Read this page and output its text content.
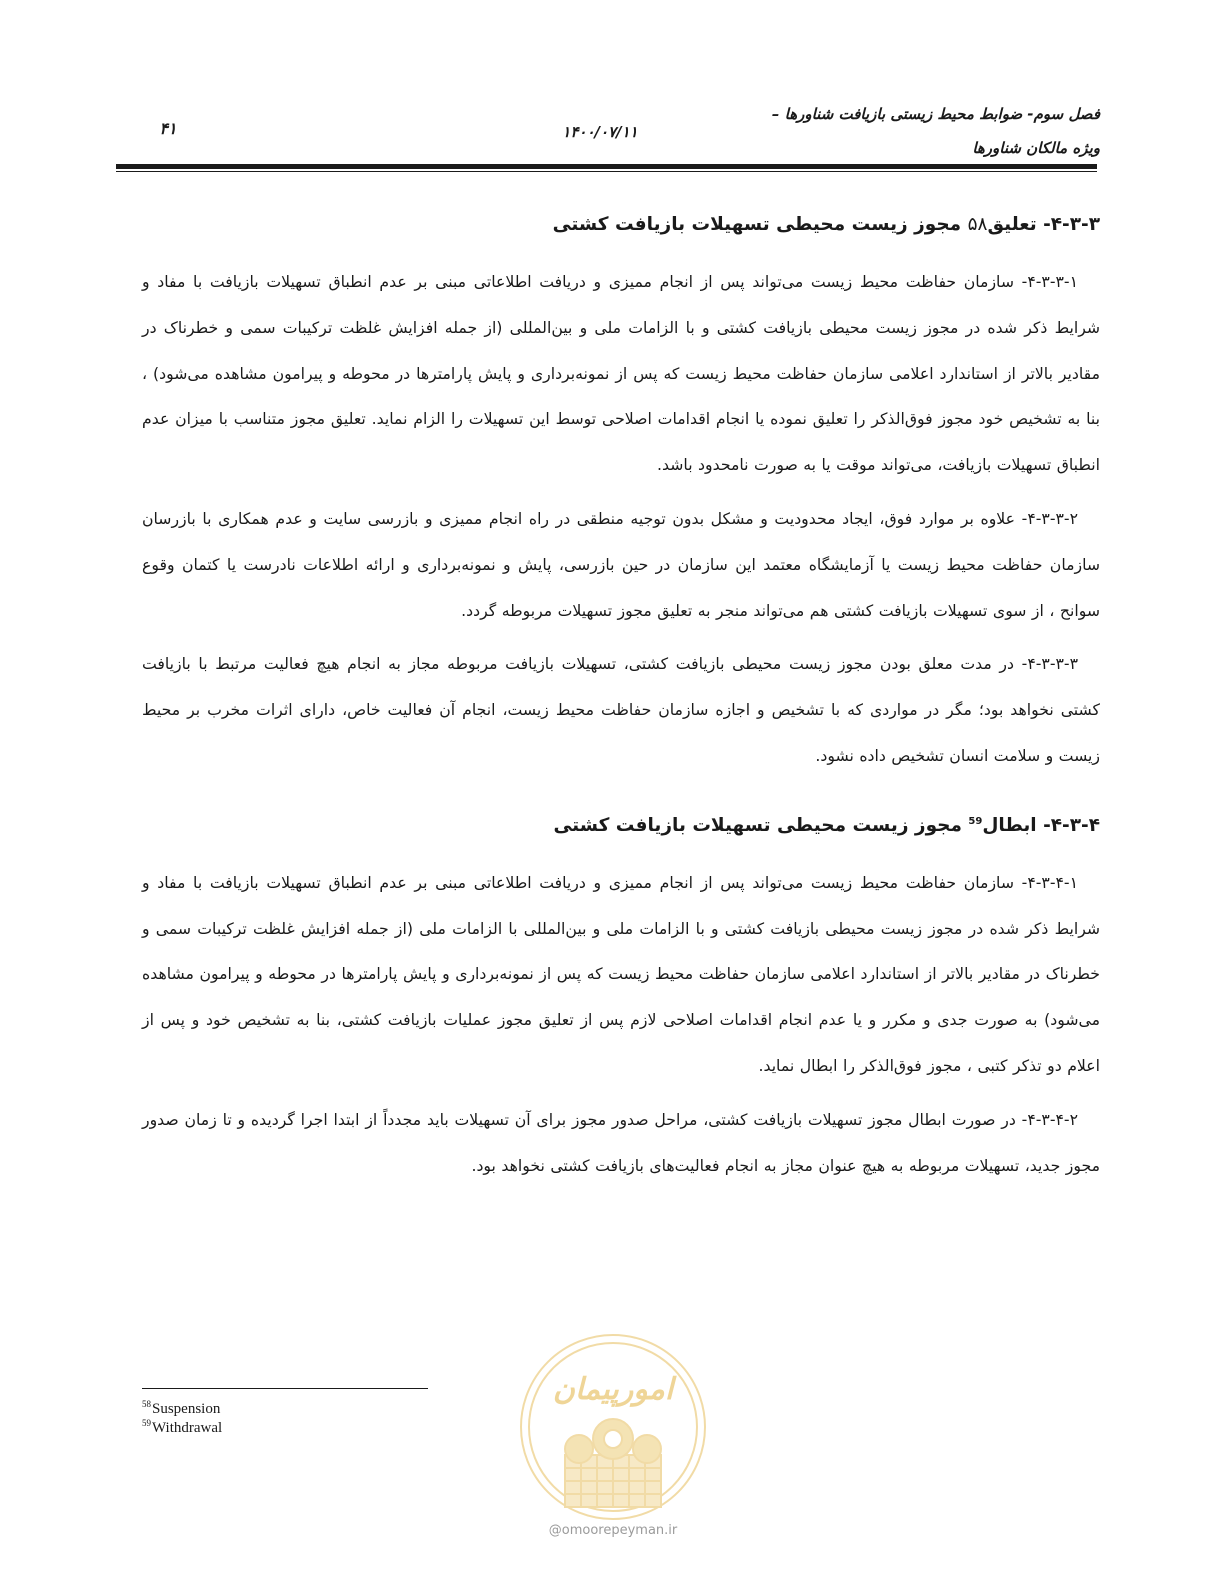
فصل سوم- ضوابط محیط زیستی بازیافت شناورها –
ویژه مالکان شناورها
۱۴۰۰/۰۷/۱۱
۴۱
۴-۳-۳- تعلیق۵۸ مجوز زیست محیطی تسهیلات بازیافت کشتی

۴-۳-۳-۱- سازمان حفاظت محیط زیست می‌تواند پس از انجام ممیزی و دریافت اطلاعاتی مبنی بر عدم انطباق تسهیلات بازیافت با مفاد و شرایط ذکر شده در مجوز زیست محیطی بازیافت کشتی و با الزامات ملی و بین‌المللی (از جمله افزایش غلظت ترکیبات سمی و خطرناک در مقادیر بالاتر از استاندارد اعلامی سازمان حفاظت محیط زیست که پس از نمونه‌برداری و پایش پارامترها در محوطه و پیرامون مشاهده می‌شود) ، بنا به تشخیص خود مجوز فوق‌الذکر را تعلیق نموده یا انجام اقدامات اصلاحی توسط این تسهیلات را الزام نماید. تعلیق مجوز متناسب با میزان عدم انطباق تسهیلات بازیافت، می‌تواند موقت یا به صورت نامحدود باشد.

۴-۳-۳-۲- علاوه بر موارد فوق، ایجاد محدودیت و مشکل بدون توجیه منطقی در راه انجام ممیزی و بازرسی سایت و عدم همکاری با بازرسان سازمان حفاظت محیط زیست یا آزمایشگاه معتمد این سازمان در حین بازرسی، پایش و نمونه‌برداری و ارائه اطلاعات نادرست یا کتمان وقوع سوانح ، از سوی تسهیلات بازیافت کشتی هم می‌تواند منجر به تعلیق مجوز تسهیلات مربوطه گردد.

۴-۳-۳-۳- در مدت معلق بودن مجوز زیست محیطی بازیافت کشتی، تسهیلات بازیافت مربوطه مجاز به انجام هیچ فعالیت مرتبط با بازیافت کشتی نخواهد بود؛ مگر در مواردی که با تشخیص و اجازه سازمان حفاظت محیط زیست، انجام آن فعالیت خاص، دارای اثرات مخرب بر محیط زیست و سلامت انسان تشخیص داده نشود.

۴-۳-۴- ابطال$^{59}$ مجوز زیست محیطی تسهیلات بازیافت کشتی

۴-۳-۴-۱- سازمان حفاظت محیط زیست می‌تواند پس از انجام ممیزی و دریافت اطلاعاتی مبنی بر عدم انطباق تسهیلات بازیافت با مفاد و شرایط ذکر شده در مجوز زیست محیطی بازیافت کشتی و با الزامات ملی و بین‌المللی با الزامات ملی (از جمله افزایش غلظت ترکیبات سمی و خطرناک در مقادیر بالاتر از استاندارد اعلامی سازمان حفاظت محیط زیست که پس از نمونه‌برداری و پایش پارامترها در محوطه و پیرامون مشاهده می‌شود) به صورت جدی و مکرر و یا عدم انجام اقدامات اصلاحی لازم پس از تعلیق مجوز عملیات بازیافت کشتی، بنا به تشخیص خود و پس از اعلام دو تذکر کتبی ، مجوز فوق‌الذکر را ابطال نماید.

۴-۳-۴-۲- در صورت ابطال مجوز تسهیلات بازیافت کشتی، مراحل صدور مجوز برای آن تسهیلات باید مجدداً از ابتدا اجرا گردیده و تا زمان صدور مجوز جدید، تسهیلات مربوطه به هیچ عنوان مجاز به انجام فعالیت‌های بازیافت کشتی نخواهد بود.

امورپیمان
@omoorepeyman.ir
$^{58}$Suspension
$^{59}$Withdrawal
